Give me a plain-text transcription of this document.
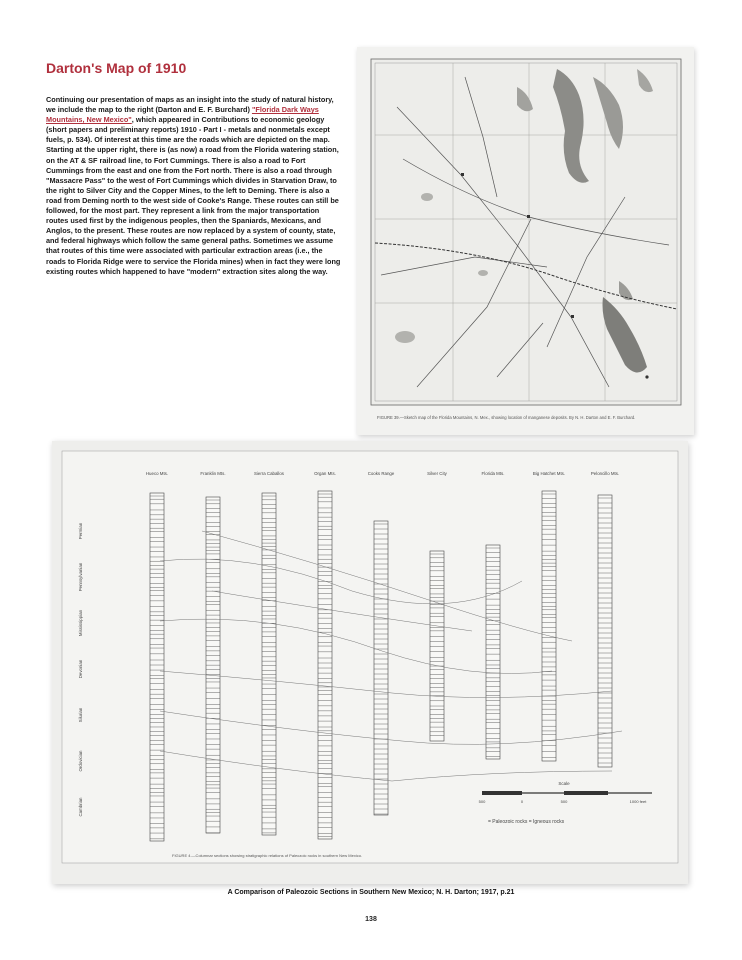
Darton's Map of 1910
Continuing our presentation of maps as an insight into the study of natural history, we include the map to the right (Darton and E. F. Burchard) "Florida Dark Ways Mountains, New Mexico", which appeared in Contributions to economic geology (short papers and preliminary reports) 1910 - Part I - metals and nonmetals except fuels, p. 534). Of interest at this time are the roads which are depicted on the map. Starting at the upper right, there is (as now) a road from the Florida watering station, on the AT & SF railroad line, to Fort Cummings. There is also a road to Fort Cummings from the east and one from the Fort north. There is also a road through "Massacre Pass" to the west of Fort Cummings which divides in Starvation Draw, to the right to Silver City and the Copper Mines, to the left to Deming. There is also a road from Deming north to the west side of Cooke's Range. These routes can still be followed, for the most part. They represent a link from the major transportation routes used first by the indigenous peoples, then the Spaniards, Mexicans, and Anglos, to the present. These routes are now replaced by a system of county, state, and federal highways which follow the same general paths. Sometimes we assume that routes of this time were associated with particular extraction areas (i.e., the roads to Florida Ridge were to service the Florida mines) when in fact they were long existing routes which happened to have "modern" extraction sites along the way.
FIGURE 39.—Sketch map of the Florida Mountains, N. Mex., showing location of manganese deposits. By N. H. Darton and E. F. Burchard.
Hueco Mts.	Franklin Mts.	Sierra Caballos	Organ Mts.	Cooks Range	Silver City	Florida Mts.	Big Hatchet Mts.	Peloncillo Mts.
Permian
Pennsylvanian
Mississippian
Devonian
Silurian
Ordovician
Cambrian
Scale
500	0	500	1000 feet
= Paleozoic rocks = Igneous rocks
FIGURE 4.—Columnar sections showing stratigraphic relations of Paleozoic rocks in southern New Mexico.
A Comparison of Paleozoic Sections in Southern New Mexico; N. H. Darton; 1917, p.21
138
